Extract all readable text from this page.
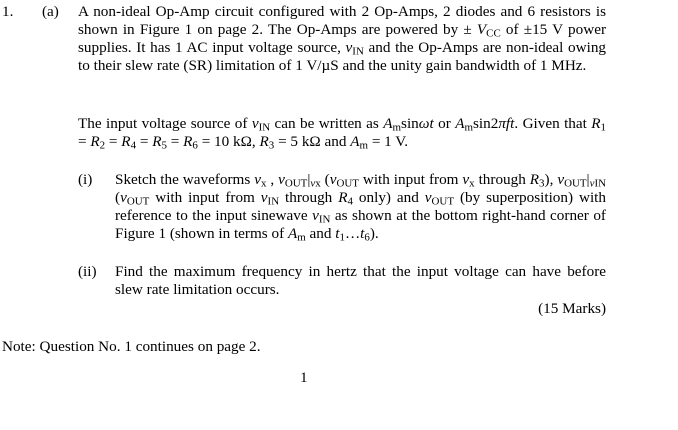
1. (a) A non-ideal Op-Amp circuit configured with 2 Op-Amps, 2 diodes and 6 resistors is shown in Figure 1 on page 2. The Op-Amps are powered by ± $V_{CC}$ of ±15 V power supplies. It has 1 AC input voltage source, $v_{IN}$ and the Op-Amps are non-ideal owing to their slew rate (SR) limitation of 1 V/µS and the unity gain bandwidth of 1 MHz.
The input voltage source of $v_{IN}$ can be written as $A_m\sin\omega t$ or $A_m\sin 2\pi ft$. Given that $R_1 = R_2 = R_4 = R_5 = R_6 = 10$ kΩ, $R_3 = 5$ kΩ and $A_m = 1$ V.
(i) Sketch the waveforms $v_x$ , $v_{OUT}|_{vx}$ ($v_{OUT}$ with input from $v_x$ through $R_3$), $v_{OUT}|_{vIN}$ ($v_{OUT}$ with input from $v_{IN}$ through $R_4$ only) and $v_{OUT}$ (by superposition) with reference to the input sinewave $v_{IN}$ as shown at the bottom right-hand corner of Figure 1 (shown in terms of $A_m$ and $t_1\dots t_6$).
(ii) Find the maximum frequency in hertz that the input voltage can have before slew rate limitation occurs.
(15 Marks)
Note: Question No. 1 continues on page 2.
1
